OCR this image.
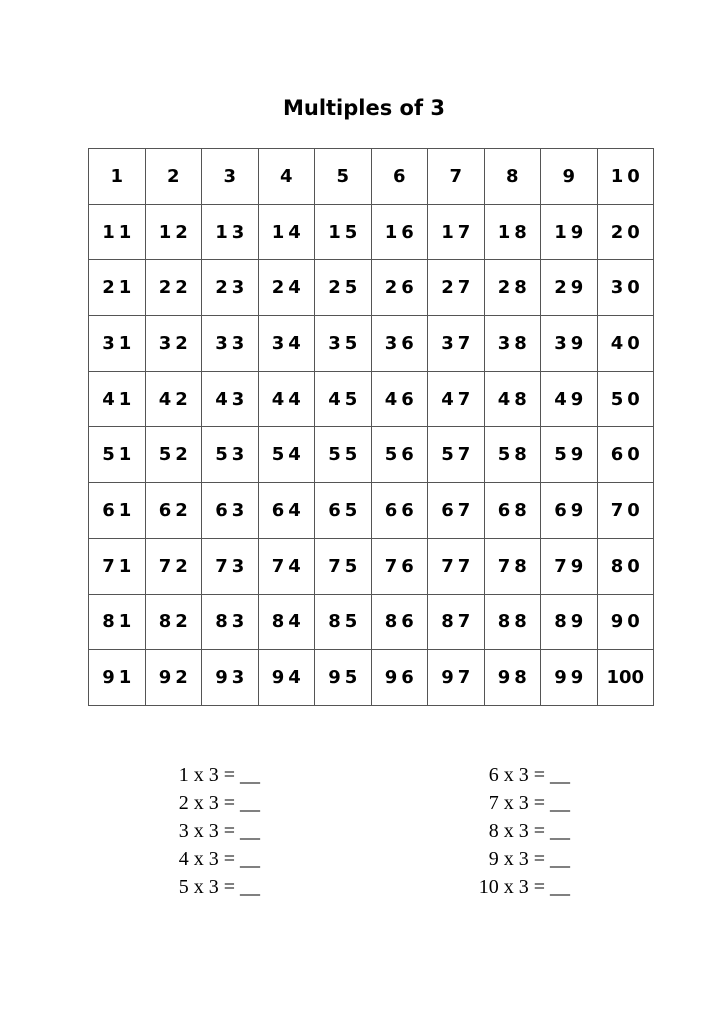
Multiples of 3
1	2	3	4	5	6	7	8	9	10
11	12	13	14	15	16	17	18	19	20
21	22	23	24	25	26	27	28	29	30
31	32	33	34	35	36	37	38	39	40
41	42	43	44	45	46	47	48	49	50
51	52	53	54	55	56	57	58	59	60
61	62	63	64	65	66	67	68	69	70
71	72	73	74	75	76	77	78	79	80
81	82	83	84	85	86	87	88	89	90
91	92	93	94	95	96	97	98	99	100
1 x 3 = __
2 x 3 = __
3 x 3 = __
4 x 3 = __
5 x 3 = __
6 x 3 = __
7 x 3 = __
8 x 3 = __
9 x 3 = __
10 x 3 = __
